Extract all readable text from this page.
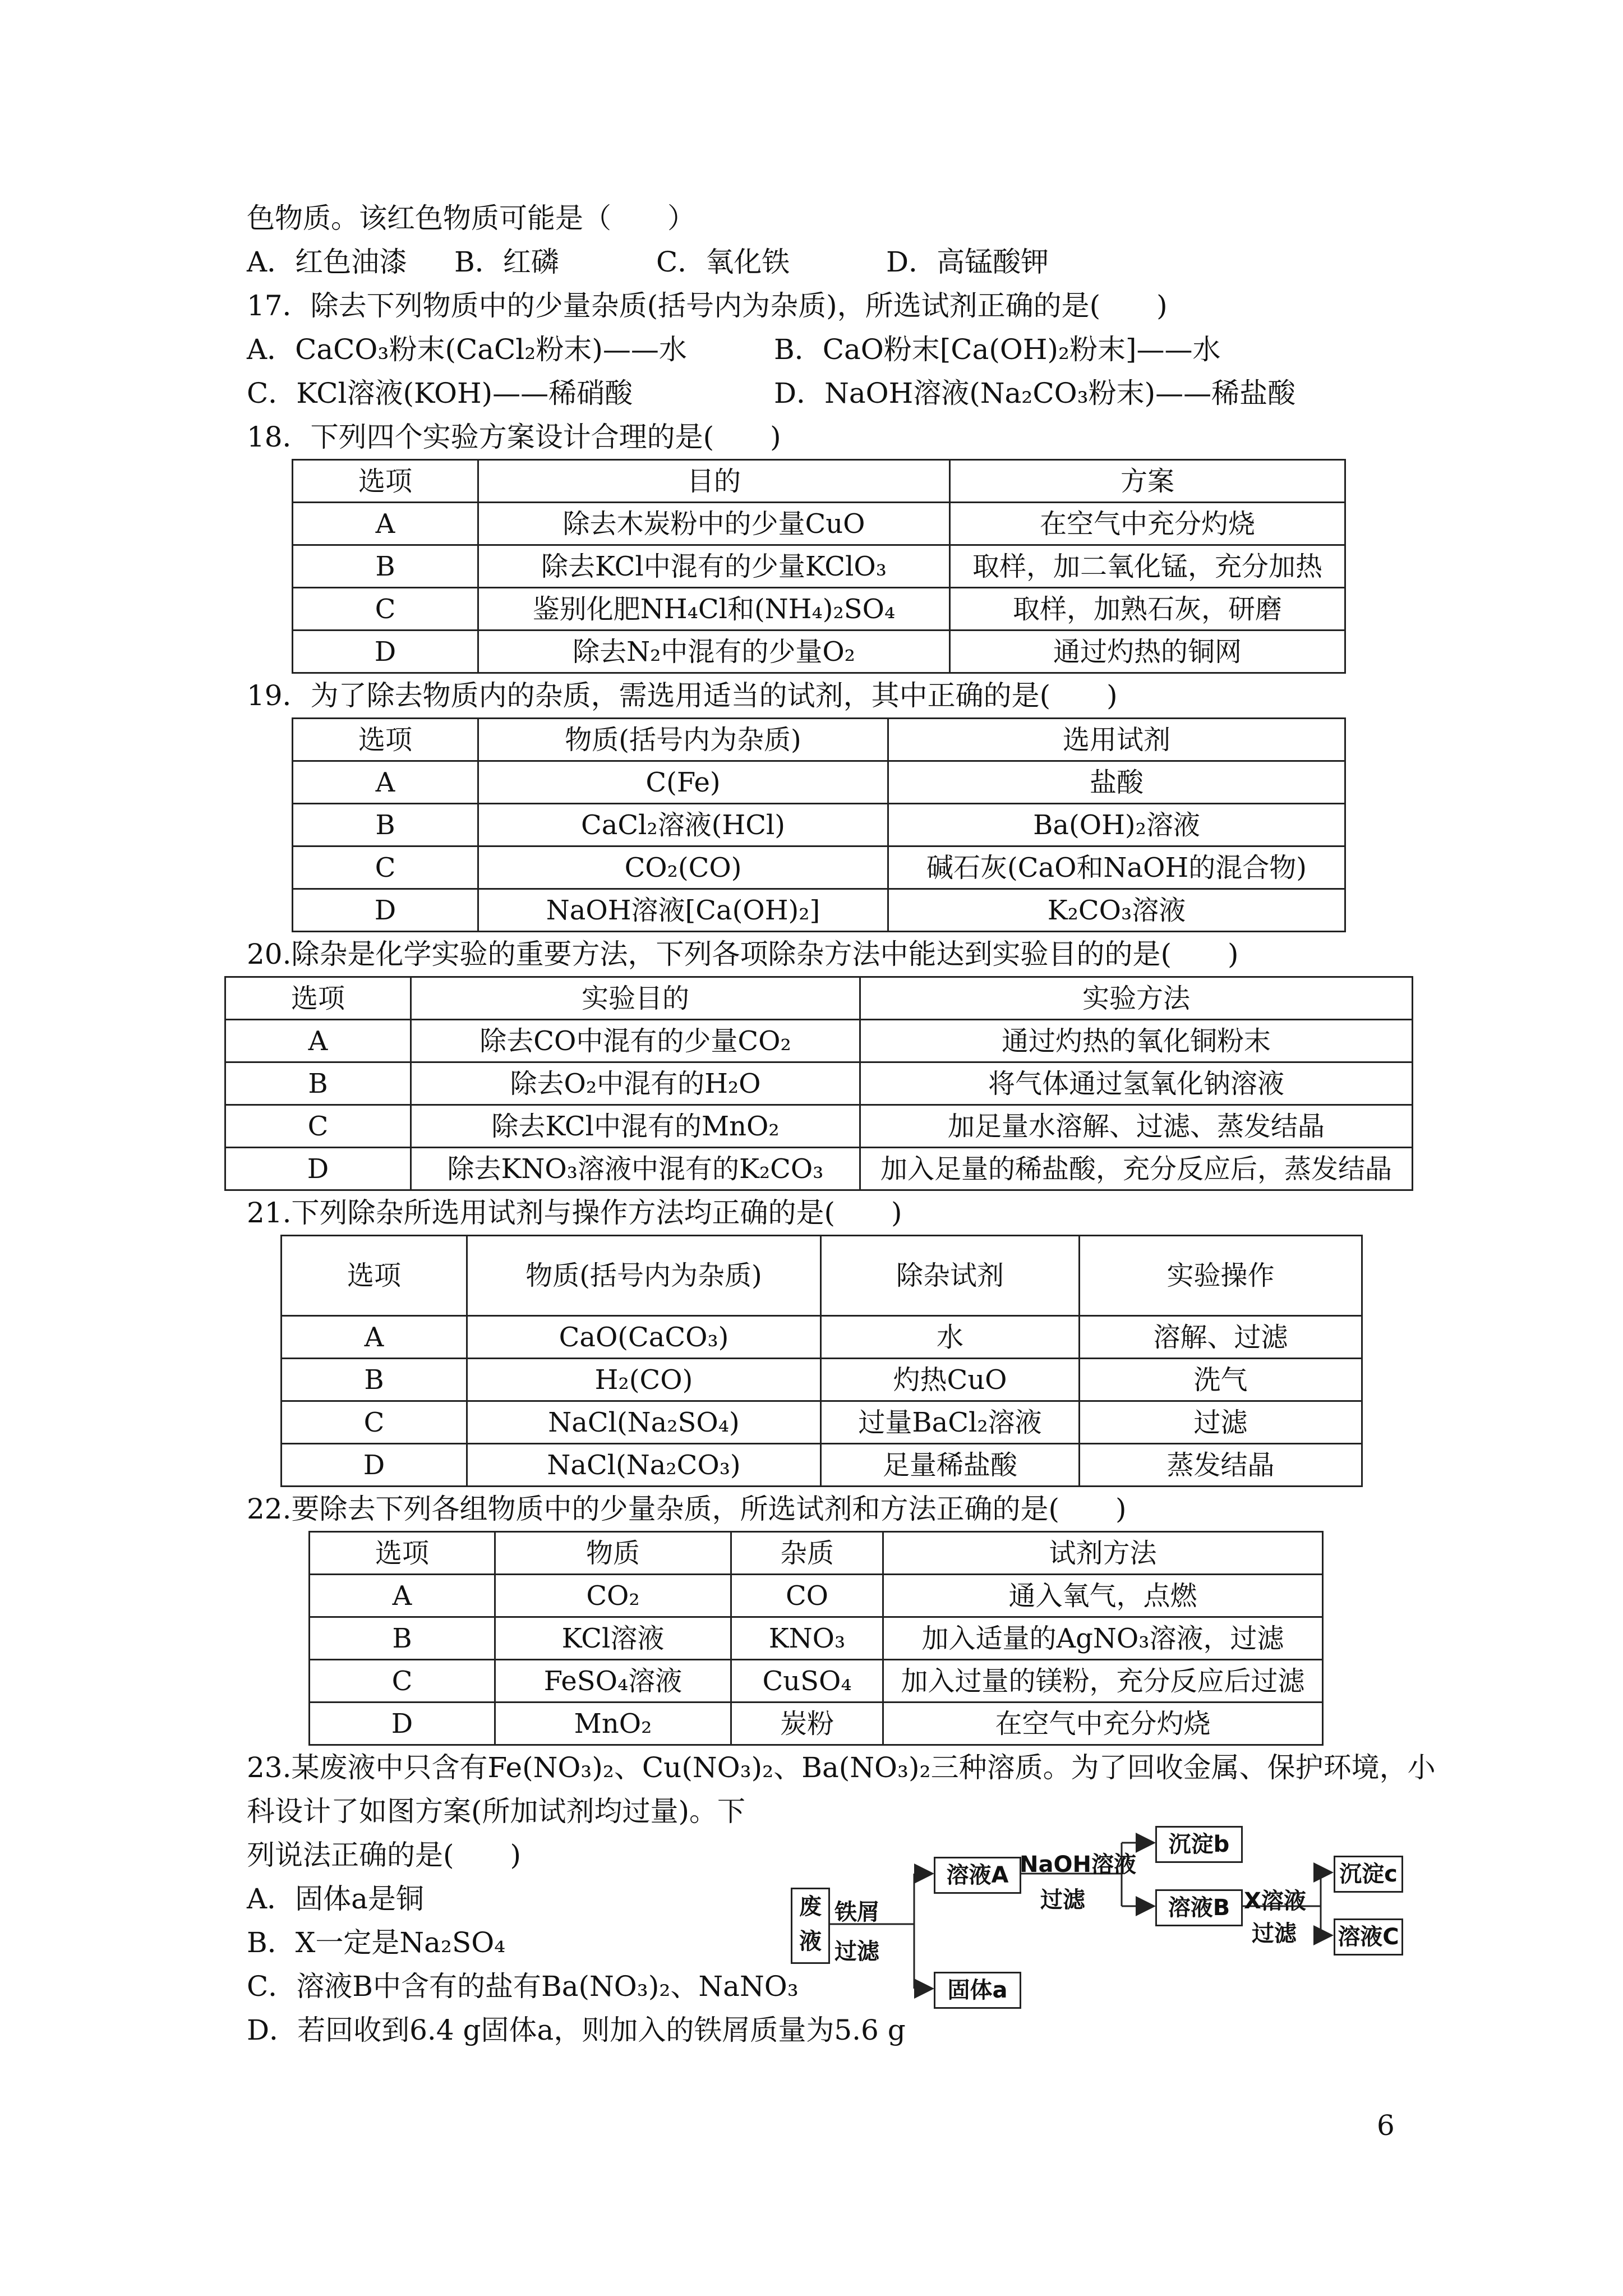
色物质。该红色物质可能是（　　）
A．红色油漆	B．红磷	C．氧化铁	D．高锰酸钾
17．除去下列物质中的少量杂质(括号内为杂质)，所选试剂正确的是(　　)
A．CaCO₃粉末(CaCl₂粉末)——水	B．CaO粉末[Ca(OH)₂粉末]——水
C．KCl溶液(KOH)——稀硝酸	D．NaOH溶液(Na₂CO₃粉末)——稀盐酸
18．下列四个实验方案设计合理的是(　　)
选项	目的	方案
A	除去木炭粉中的少量CuO	在空气中充分灼烧
B	除去KCl中混有的少量KClO₃	取样，加二氧化锰，充分加热
C	鉴别化肥NH₄Cl和(NH₄)₂SO₄	取样，加熟石灰，研磨
D	除去N₂中混有的少量O₂	通过灼热的铜网
19．为了除去物质内的杂质，需选用适当的试剂，其中正确的是(　　)
选项	物质(括号内为杂质)	选用试剂
A	C(Fe)	盐酸
B	CaCl₂溶液(HCl)	Ba(OH)₂溶液
C	CO₂(CO)	碱石灰(CaO和NaOH的混合物)
D	NaOH溶液[Ca(OH)₂]	K₂CO₃溶液
20.除杂是化学实验的重要方法，下列各项除杂方法中能达到实验目的的是(　　)
选项	实验目的	实验方法
A	除去CO中混有的少量CO₂	通过灼热的氧化铜粉末
B	除去O₂中混有的H₂O	将气体通过氢氧化钠溶液
C	除去KCl中混有的MnO₂	加足量水溶解、过滤、蒸发结晶
D	除去KNO₃溶液中混有的K₂CO₃	加入足量的稀盐酸，充分反应后，蒸发结晶
21.下列除杂所选用试剂与操作方法均正确的是(　　)
选项	物质(括号内为杂质)	除杂试剂	实验操作
A	CaO(CaCO₃)	水	溶解、过滤
B	H₂(CO)	灼热CuO	洗气
C	NaCl(Na₂SO₄)	过量BaCl₂溶液	过滤
D	NaCl(Na₂CO₃)	足量稀盐酸	蒸发结晶
22.要除去下列各组物质中的少量杂质，所选试剂和方法正确的是(　　)
选项	物质	杂质	试剂方法
A	CO₂	CO	通入氧气，点燃
B	KCl溶液	KNO₃	加入适量的AgNO₃溶液，过滤
C	FeSO₄溶液	CuSO₄	加入过量的镁粉，充分反应后过滤
D	MnO₂	炭粉	在空气中充分灼烧
23.某废液中只含有Fe(NO₃)₂、Cu(NO₃)₂、Ba(NO₃)₂三种溶质。为了回收金属、保护环境，小
科设计了如图方案(所加试剂均过量)。下
列说法正确的是(　　)
A．固体a是铜
B．X一定是Na₂SO₄
C．溶液B中含有的盐有Ba(NO₃)₂、NaNO₃
D．若回收到6.4 g固体a，则加入的铁屑质量为5.6 g
废液
铁屑
过滤
溶液A
固体a
NaOH溶液
过滤
沉淀b
溶液B X溶液
过滤
沉淀c
溶液C
6
